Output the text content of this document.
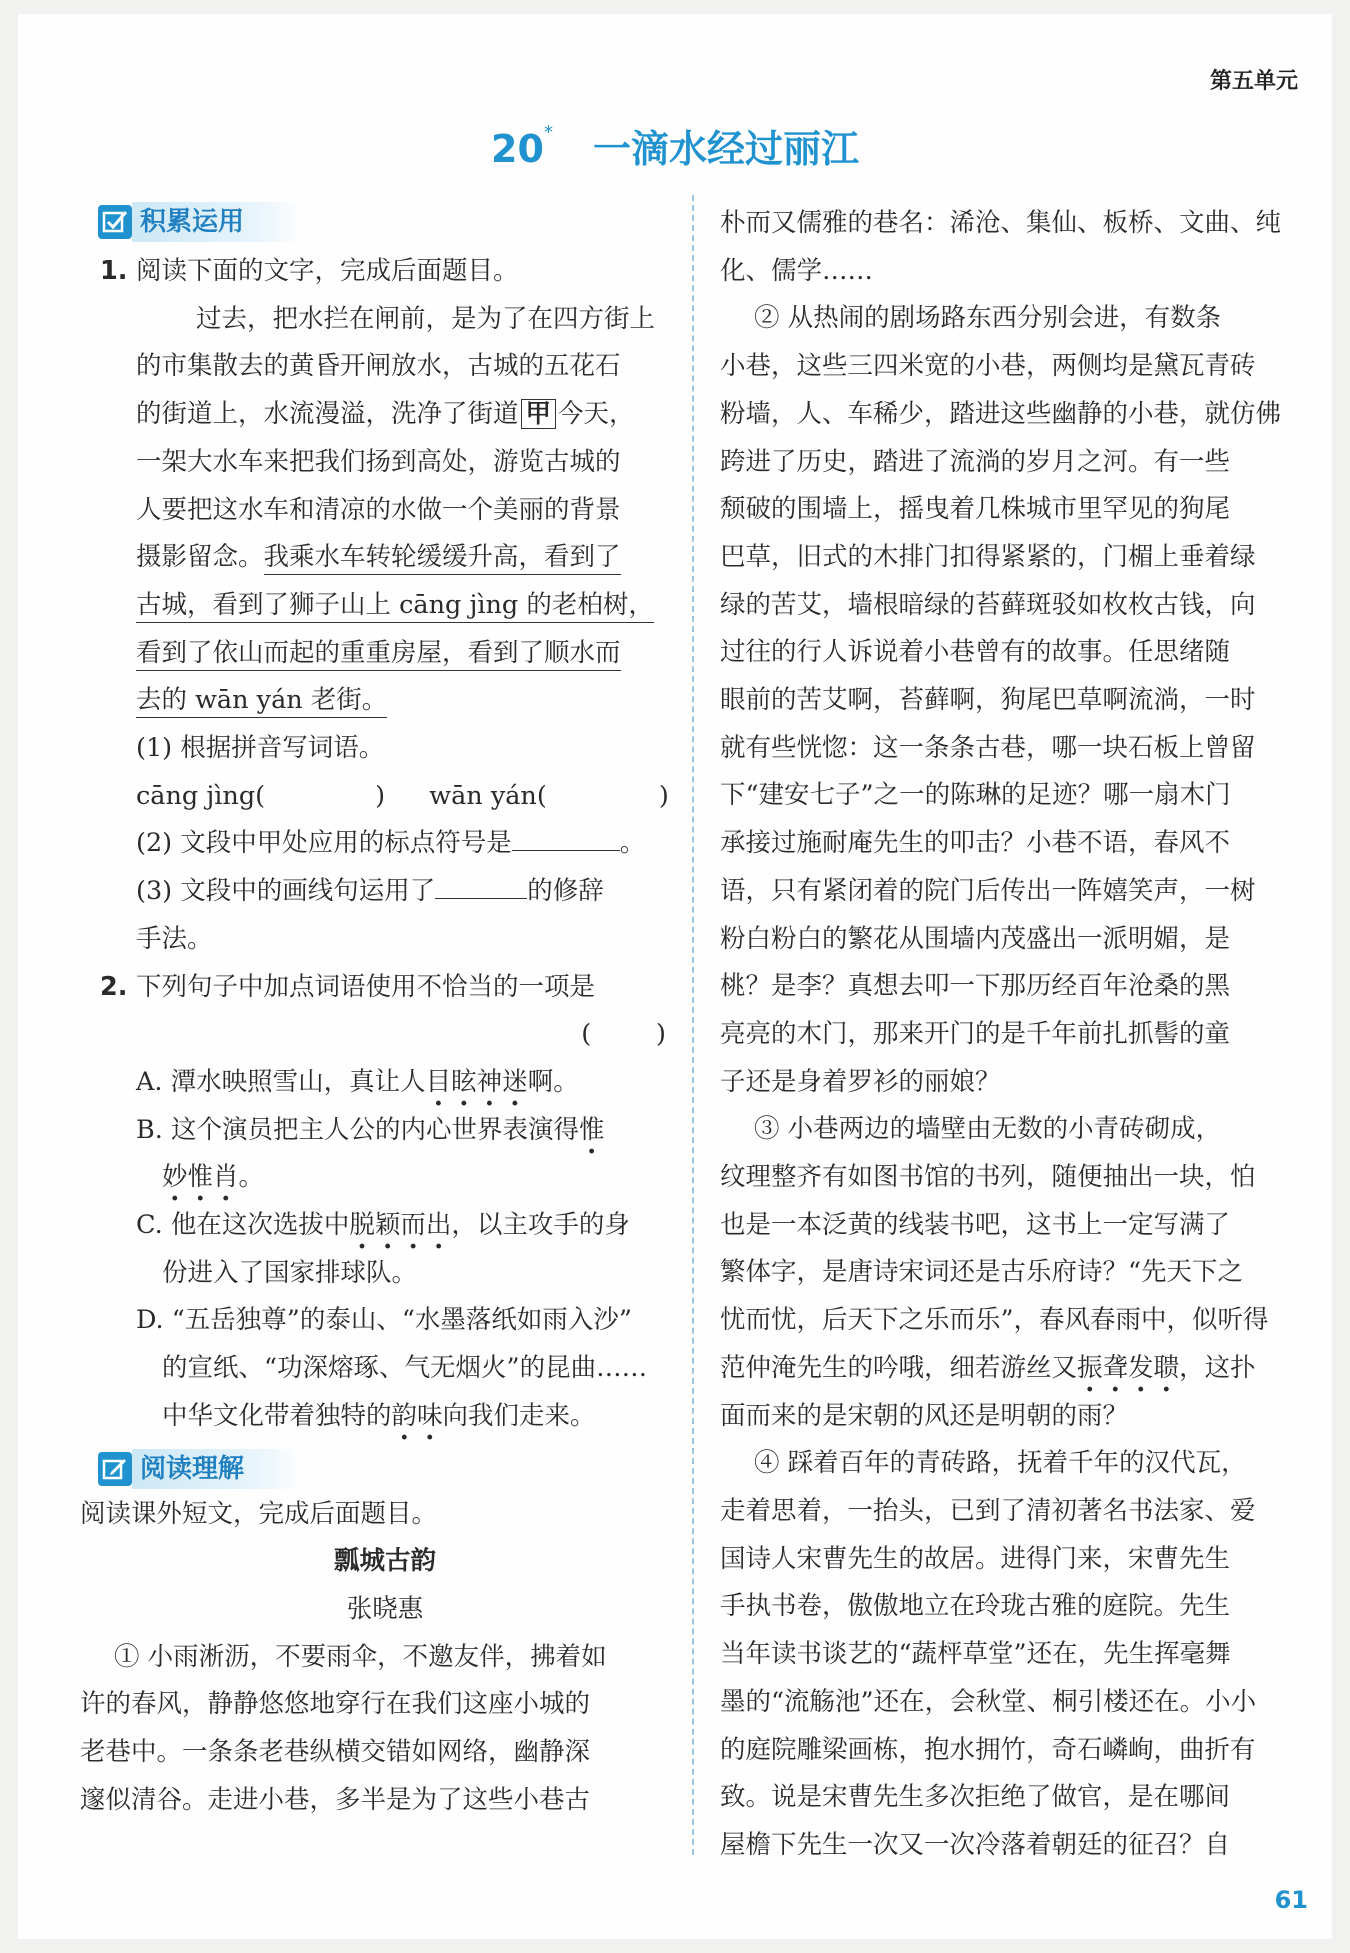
第五单元
20* 一滴水经过丽江
积累运用
1. 阅读下面的文字，完成后面题目。
过去，把水拦在闸前，是为了在四方街上
的市集散去的黄昏开闸放水，古城的五花石
的街道上，水流漫溢，洗净了街道 甲 今天，
一架大水车来把我们扬到高处，游览古城的
人要把这水车和清凉的水做一个美丽的背景
摄影留念。我乘水车转轮缓缓升高，看到了
古城，看到了狮子山上 cāng jìng 的老柏树，
看到了依山而起的重重房屋，看到了顺水而
去的 wān yán 老街。
(1) 根据拼音写词语。
cāng jìng(	) wān yán(	)
(2) 文段中甲处应用的标点符号是	。
(3) 文段中的画线句运用了	的修辞
手法。
2. 下列句子中加点词语使用不恰当的一项是
(        )
A. 潭水映照雪山，真让人目眩神迷啊。
B. 这个演员把主人公的内心世界表演得惟
妙惟肖。
C. 他在这次选拔中脱颖而出，以主攻手的身
份进入了国家排球队。
D. “五岳独尊”的泰山、“水墨落纸如雨入沙”
的宣纸、“功深熔琢、气无烟火”的昆曲……
中华文化带着独特的韵味向我们走来。
阅读理解
阅读课外短文，完成后面题目。
瓢城古韵
张晓惠
① 小雨淅沥，不要雨伞，不邀友伴，拂着如
许的春风，静静悠悠地穿行在我们这座小城的
老巷中。一条条老巷纵横交错如网络，幽静深
邃似清谷。走进小巷，多半是为了这些小巷古
朴而又儒雅的巷名：浠沧、集仙、板桥、文曲、纯
化、儒学……
② 从热闹的剧场路东西分别会进，有数条
小巷，这些三四米宽的小巷，两侧均是黛瓦青砖
粉墙，人、车稀少，踏进这些幽静的小巷，就仿佛
跨进了历史，踏进了流淌的岁月之河。有一些
颓破的围墙上，摇曳着几株城市里罕见的狗尾
巴草，旧式的木排门扣得紧紧的，门楣上垂着绿
绿的苦艾，墙根暗绿的苔藓斑驳如枚枚古钱，向
过往的行人诉说着小巷曾有的故事。任思绪随
眼前的苦艾啊，苔藓啊，狗尾巴草啊流淌，一时
就有些恍惚：这一条条古巷，哪一块石板上曾留
下“建安七子”之一的陈琳的足迹？哪一扇木门
承接过施耐庵先生的叩击？小巷不语，春风不
语，只有紧闭着的院门后传出一阵嬉笑声，一树
粉白粉白的繁花从围墙内茂盛出一派明媚，是
桃？是李？真想去叩一下那历经百年沧桑的黑
亮亮的木门，那来开门的是千年前扎抓髻的童
子还是身着罗衫的丽娘？
③ 小巷两边的墙壁由无数的小青砖砌成，
纹理整齐有如图书馆的书列，随便抽出一块，怕
也是一本泛黄的线装书吧，这书上一定写满了
繁体字，是唐诗宋词还是古乐府诗？“先天下之
忧而忧，后天下之乐而乐”，春风春雨中，似听得
范仲淹先生的吟哦，细若游丝又振聋发聩，这扑
面而来的是宋朝的风还是明朝的雨？
④ 踩着百年的青砖路，抚着千年的汉代瓦，
走着思着，一抬头，已到了清初著名书法家、爱
国诗人宋曹先生的故居。进得门来，宋曹先生
手执书卷，傲傲地立在玲珑古雅的庭院。先生
当年读书谈艺的“蔬枰草堂”还在，先生挥毫舞
墨的“流觞池”还在，会秋堂、桐引楼还在。小小
的庭院雕梁画栋，抱水拥竹，奇石嶙峋，曲折有
致。说是宋曹先生多次拒绝了做官，是在哪间
屋檐下先生一次又一次冷落着朝廷的征召？自
61
